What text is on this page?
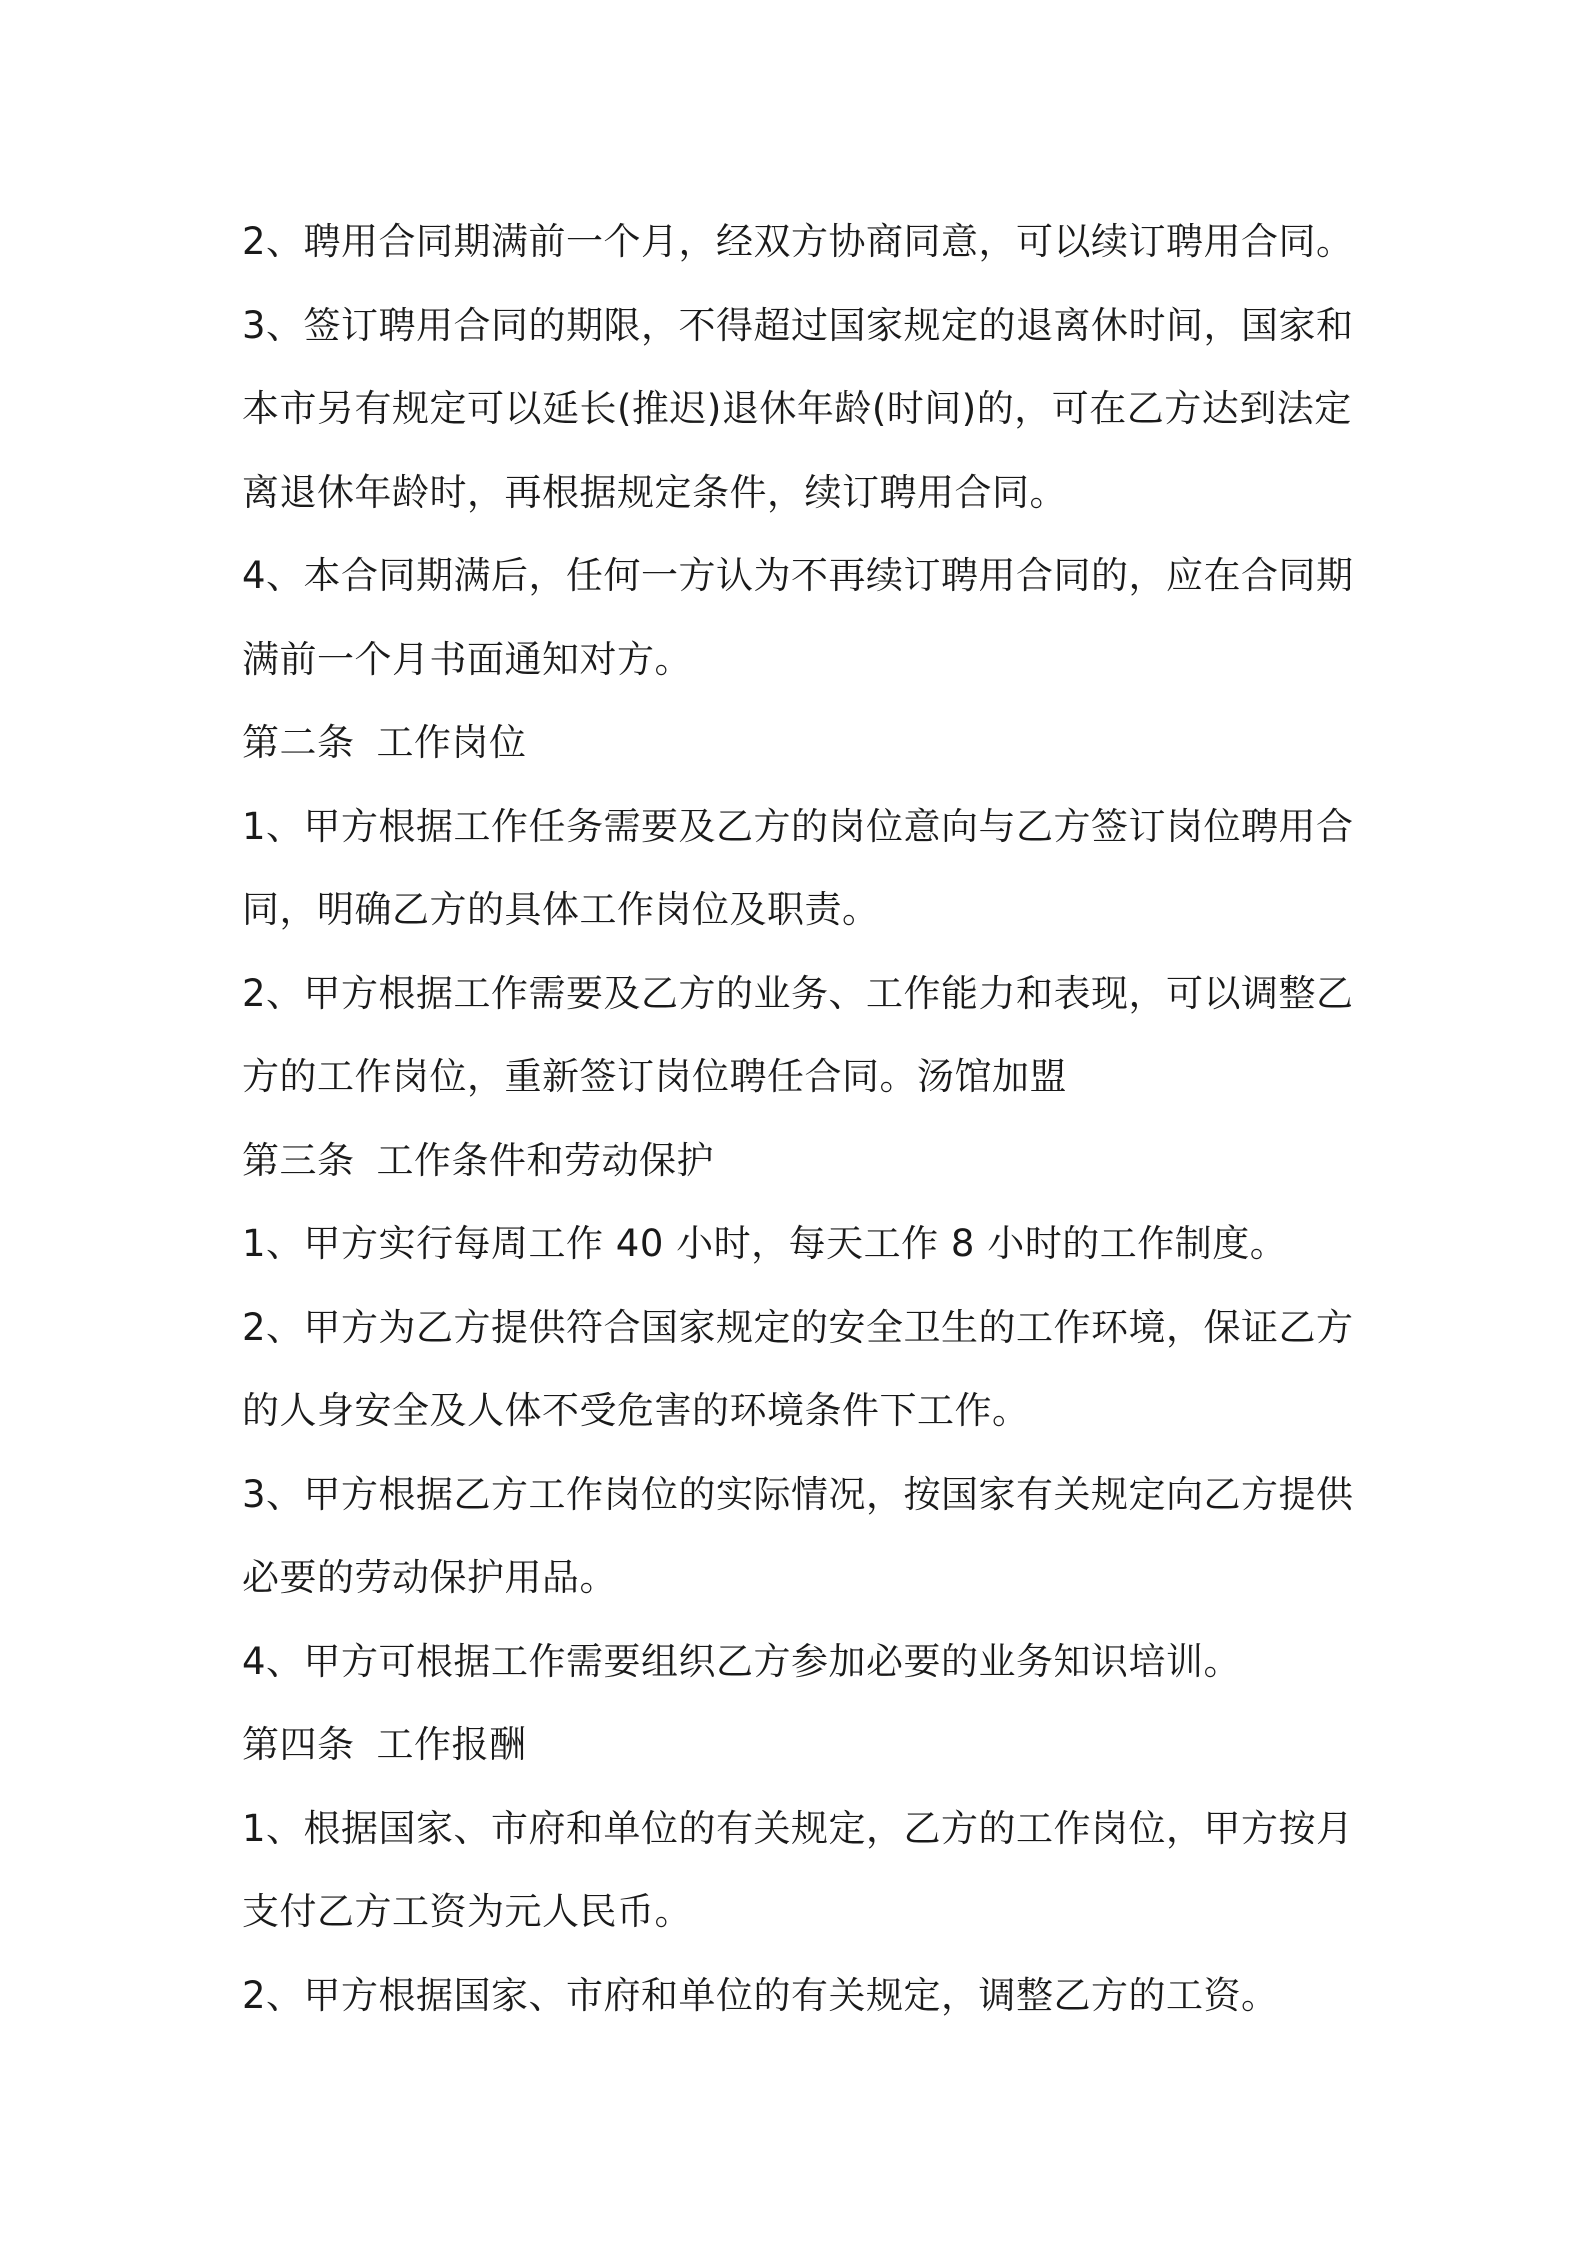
2、聘用合同期满前一个月，经双方协商同意，可以续订聘用合同。
3、签订聘用合同的期限，不得超过国家规定的退离休时间，国家和
本市另有规定可以延长(推迟)退休年龄(时间)的，可在乙方达到法定
离退休年龄时，再根据规定条件，续订聘用合同。
4、本合同期满后，任何一方认为不再续订聘用合同的，应在合同期
满前一个月书面通知对方。
第二条 工作岗位
1、甲方根据工作任务需要及乙方的岗位意向与乙方签订岗位聘用合
同，明确乙方的具体工作岗位及职责。
2、甲方根据工作需要及乙方的业务、工作能力和表现，可以调整乙
方的工作岗位，重新签订岗位聘任合同。汤馆加盟
第三条 工作条件和劳动保护
1、甲方实行每周工作 40 小时，每天工作 8 小时的工作制度。
2、甲方为乙方提供符合国家规定的安全卫生的工作环境，保证乙方
的人身安全及人体不受危害的环境条件下工作。
3、甲方根据乙方工作岗位的实际情况，按国家有关规定向乙方提供
必要的劳动保护用品。
4、甲方可根据工作需要组织乙方参加必要的业务知识培训。
第四条 工作报酬
1、根据国家、市府和单位的有关规定，乙方的工作岗位，甲方按月
支付乙方工资为元人民币。
2、甲方根据国家、市府和单位的有关规定，调整乙方的工资。
